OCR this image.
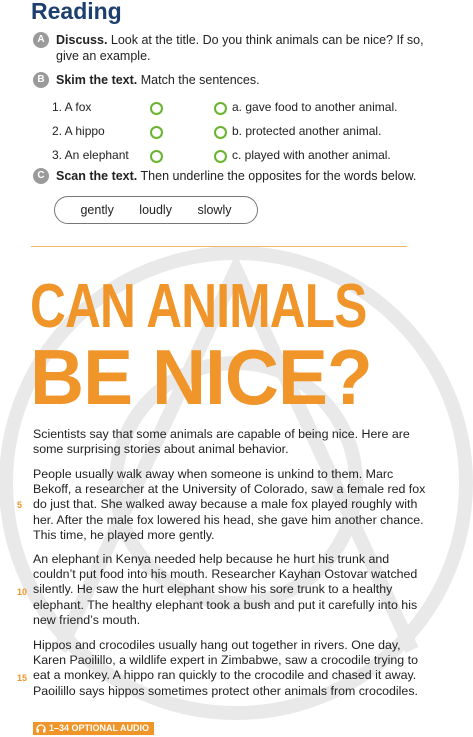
Reading
A Discuss. Look at the title. Do you think animals can be nice? If so, give an example.
B Skim the text. Match the sentences.
1. A fox	a. gave food to another animal.
2. A hippo	b. protected another animal.
3. An elephant	c. played with another animal.
C Scan the text. Then underline the opposites for the words below.
gently loudly slowly
CAN ANIMALS
BE NICE?

Scientists say that some animals are capable of being nice. Here are some surprising stories about animal behavior.

People usually walk away when someone is unkind to them. Marc Bekoff, a researcher at the University of Colorado, saw a female red fox do just that. She walked away because a male fox played roughly with her. After the male fox lowered his head, she gave him another chance. This time, he played more gently.

An elephant in Kenya needed help because he hurt his trunk and couldn’t put food into his mouth. Researcher Kayhan Ostovar watched silently. He saw the hurt elephant show his sore trunk to a healthy elephant. The healthy elephant took a bush and put it carefully into his new friend’s mouth.

Hippos and crocodiles usually hang out together in rivers. One day, Karen Paoilillo, a wildlife expert in Zimbabwe, saw a crocodile trying to eat a monkey. A hippo ran quickly to the crocodile and chased it away. Paoilillo says hippos sometimes protect other animals from crocodiles.

5
10
15
1–34 OPTIONAL AUDIO
